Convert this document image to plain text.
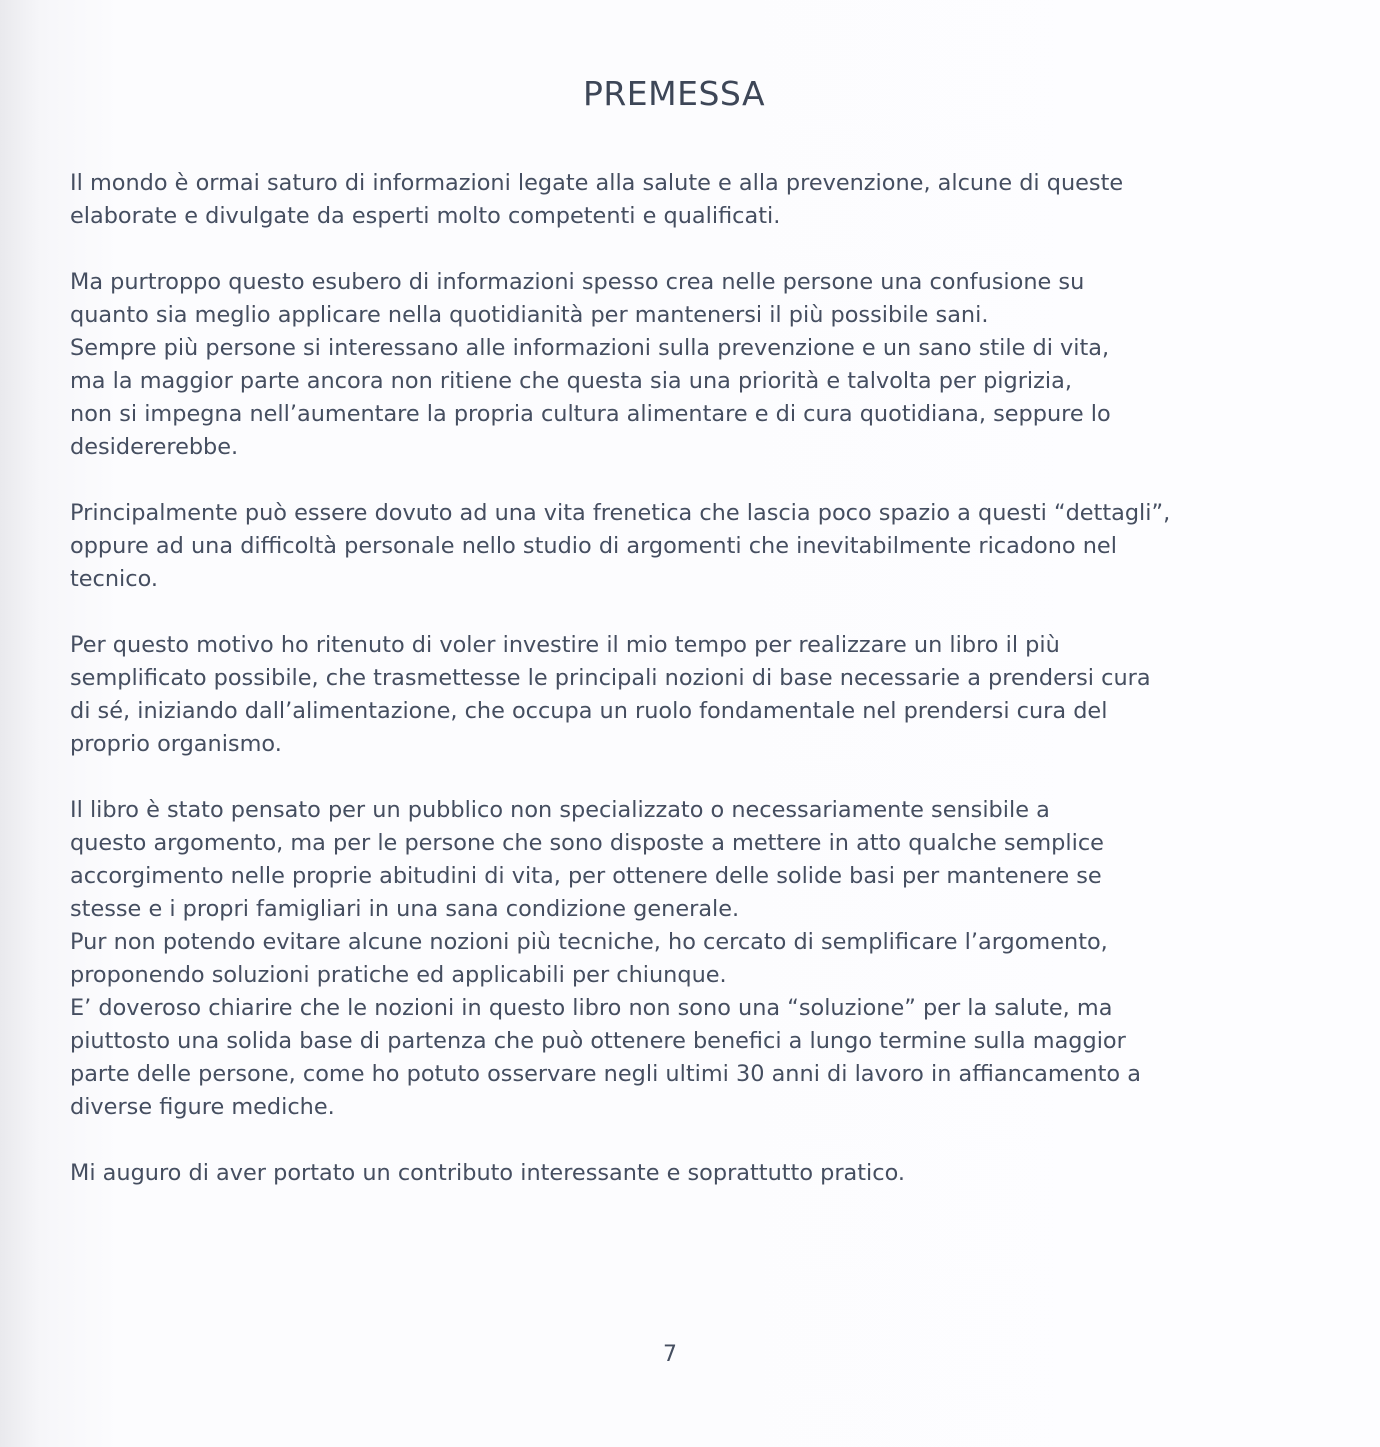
PREMESSA

Il mondo è ormai saturo di informazioni legate alla salute e alla prevenzione, alcune di queste
elaborate e divulgate da esperti molto competenti e qualificati.

Ma purtroppo questo esubero di informazioni spesso crea nelle persone una confusione su
quanto sia meglio applicare nella quotidianità per mantenersi il più possibile sani.
Sempre più persone si interessano alle informazioni sulla prevenzione e un sano stile di vita,
ma la maggior parte ancora non ritiene che questa sia una priorità e talvolta per pigrizia,
non si impegna nell’aumentare la propria cultura alimentare e di cura quotidiana, seppure lo
desidererebbe.

Principalmente può essere dovuto ad una vita frenetica che lascia poco spazio a questi “dettagli”,
oppure ad una difficoltà personale nello studio di argomenti che inevitabilmente ricadono nel
tecnico.

Per questo motivo ho ritenuto di voler investire il mio tempo per realizzare un libro il più
semplificato possibile, che trasmettesse le principali nozioni di base necessarie a prendersi cura
di sé, iniziando dall’alimentazione, che occupa un ruolo fondamentale nel prendersi cura del
proprio organismo.

Il libro è stato pensato per un pubblico non specializzato o necessariamente sensibile a
questo argomento, ma per le persone che sono disposte a mettere in atto qualche semplice
accorgimento nelle proprie abitudini di vita, per ottenere delle solide basi per mantenere se
stesse e i propri famigliari in una sana condizione generale.
Pur non potendo evitare alcune nozioni più tecniche, ho cercato di semplificare l’argomento,
proponendo soluzioni pratiche ed applicabili per chiunque.
E’ doveroso chiarire che le nozioni in questo libro non sono una “soluzione” per la salute, ma
piuttosto una solida base di partenza che può ottenere benefici a lungo termine sulla maggior
parte delle persone, come ho potuto osservare negli ultimi 30 anni di lavoro in affiancamento a
diverse figure mediche.

Mi auguro di aver portato un contributo interessante e soprattutto pratico.

7
